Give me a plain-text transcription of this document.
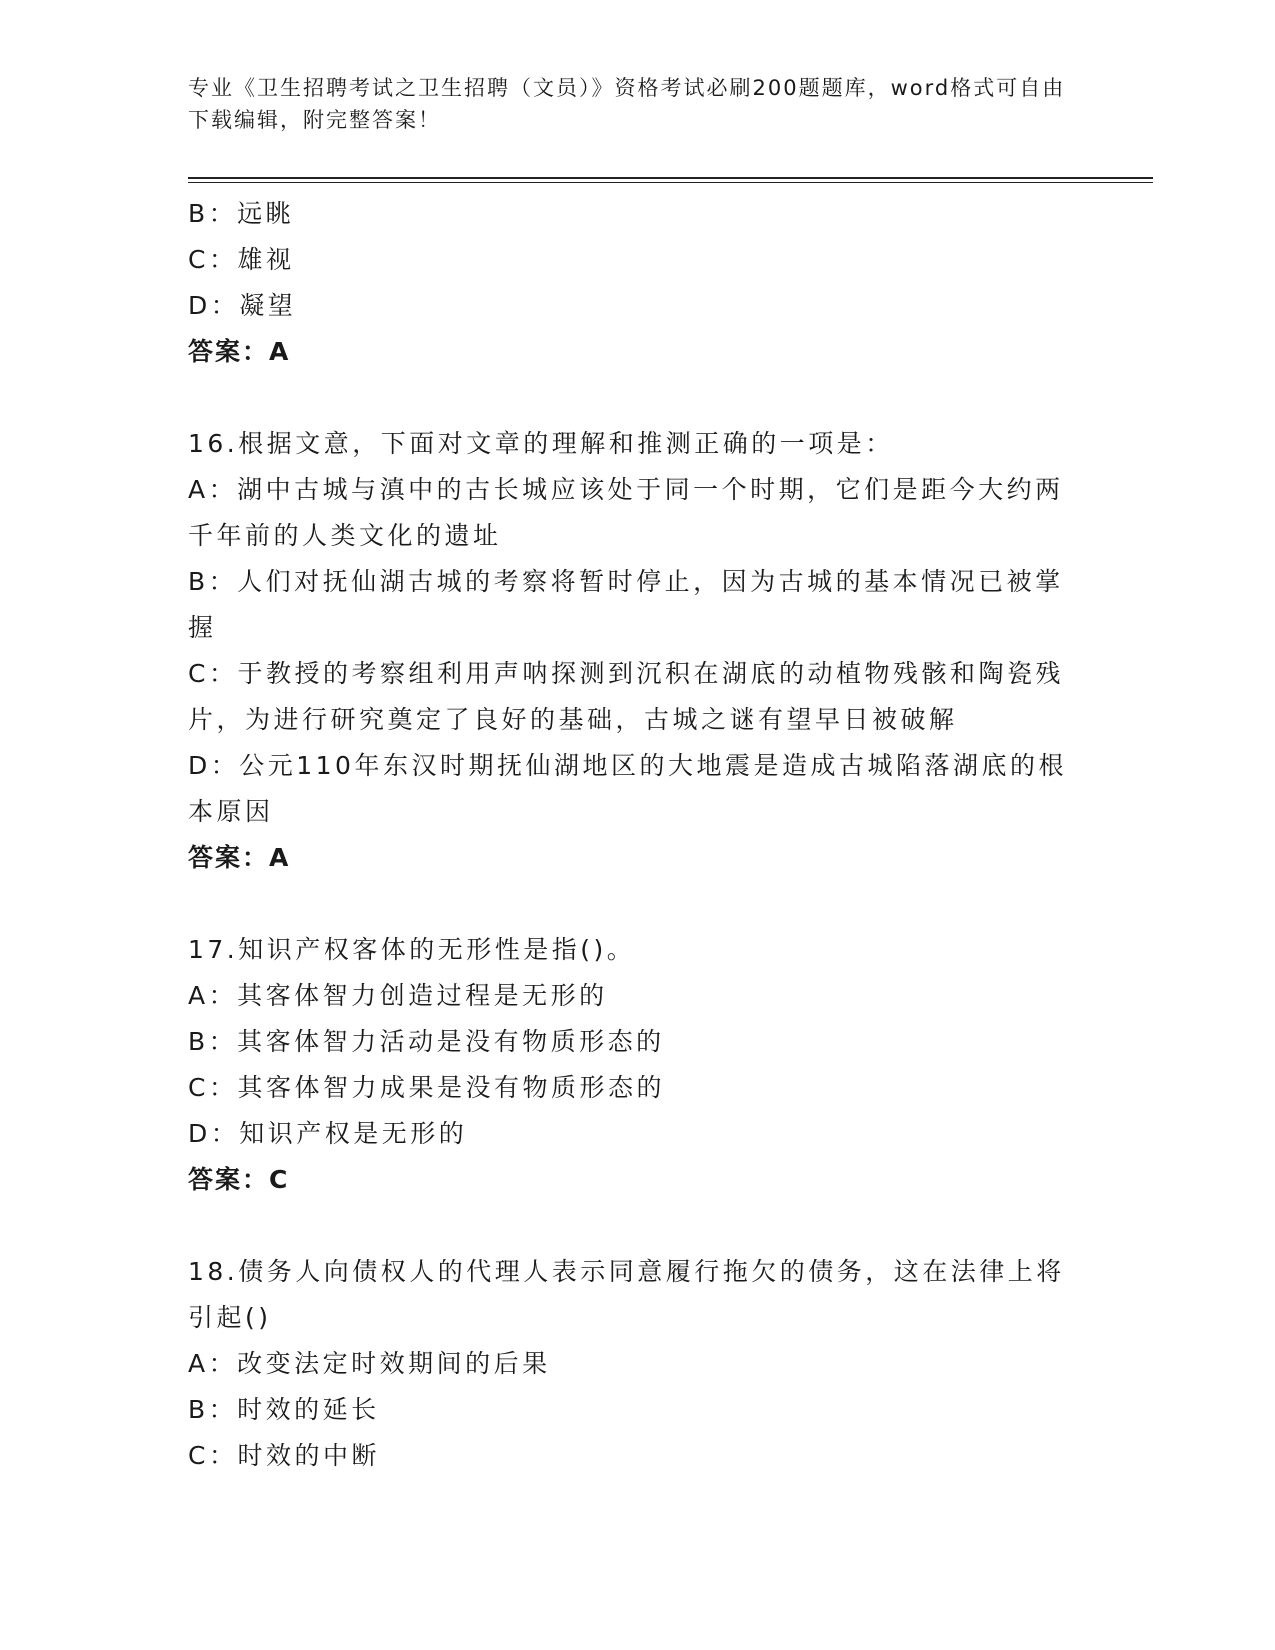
专业《卫生招聘考试之卫生招聘（文员）》资格考试必刷200题题库，word格式可自由下载编辑，附完整答案！

B：远眺

C：雄视

D：凝望

答案：A

16.根据文意，下面对文章的理解和推测正确的一项是：

A：湖中古城与滇中的古长城应该处于同一个时期，它们是距今大约两千年前的人类文化的遗址

B：人们对抚仙湖古城的考察将暂时停止，因为古城的基本情况已被掌握

C：于教授的考察组利用声呐探测到沉积在湖底的动植物残骸和陶瓷残片，为进行研究奠定了良好的基础，古城之谜有望早日被破解

D：公元110年东汉时期抚仙湖地区的大地震是造成古城陷落湖底的根本原因

答案：A

17.知识产权客体的无形性是指()。

A：其客体智力创造过程是无形的

B：其客体智力活动是没有物质形态的

C：其客体智力成果是没有物质形态的

D：知识产权是无形的

答案：C

18.债务人向债权人的代理人表示同意履行拖欠的债务，这在法律上将引起()

A：改变法定时效期间的后果

B：时效的延长

C：时效的中断
